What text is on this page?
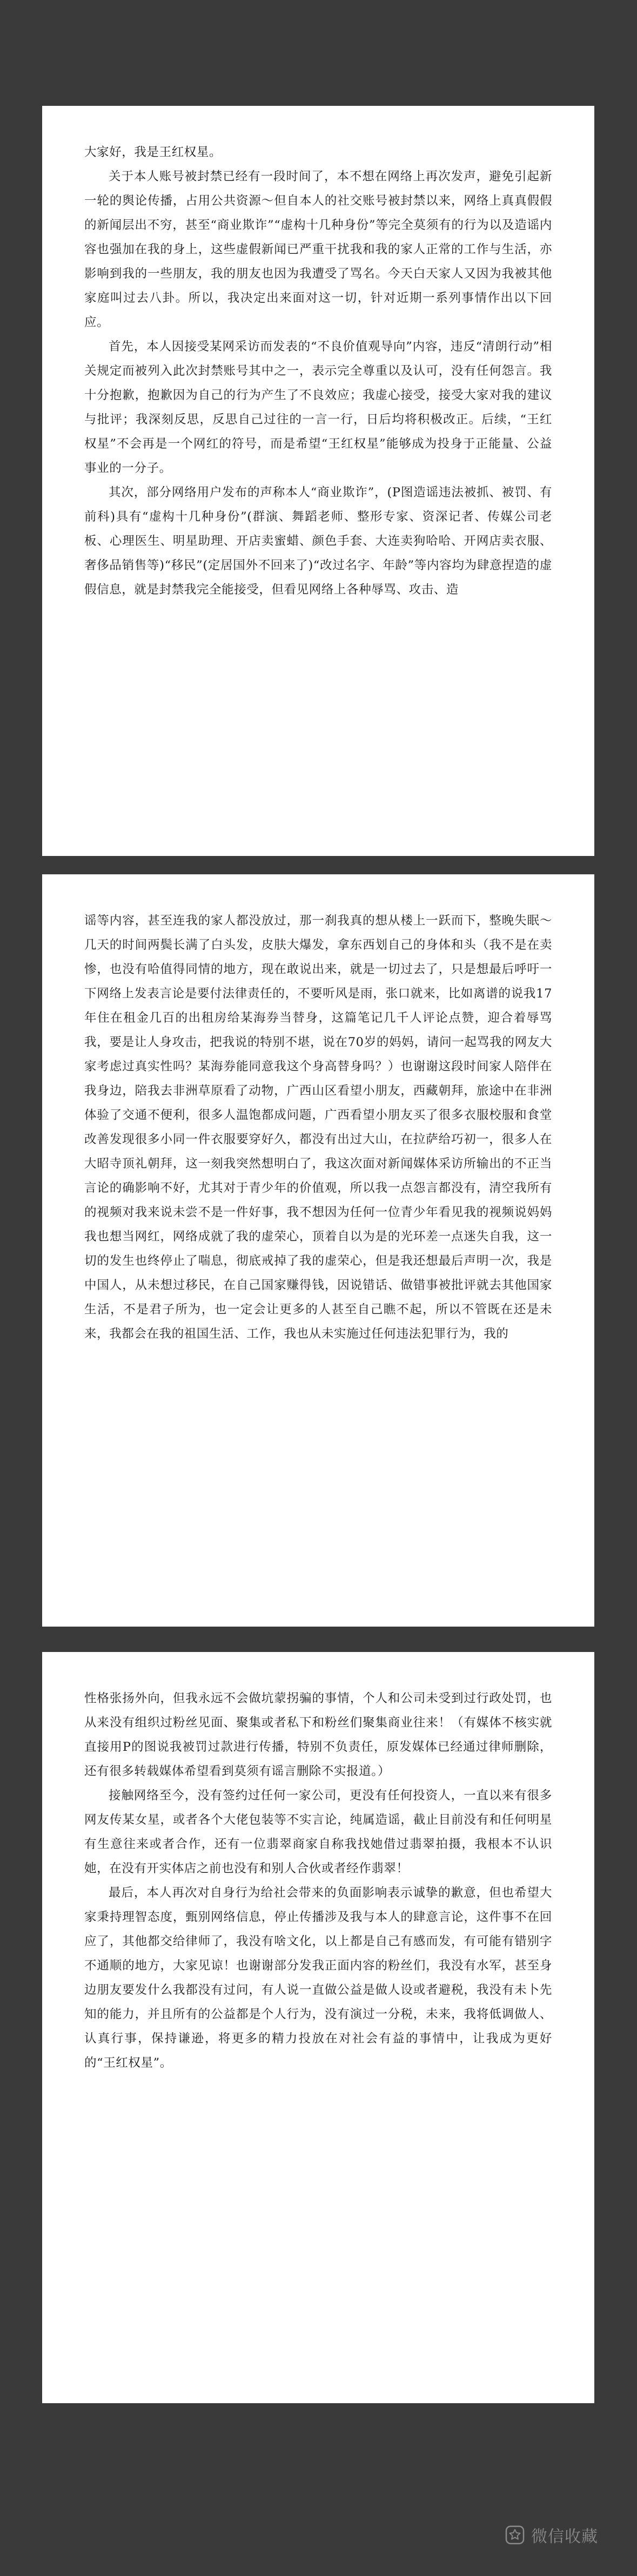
大家好，我是王红权星。

关于本人账号被封禁已经有一段时间了，本不想在网络上再次发声，避免引起新一轮的舆论传播，占用公共资源～但自本人的社交账号被封禁以来，网络上真真假假的新闻层出不穷，甚至“商业欺诈”“虚构十几种身份”等完全莫须有的行为以及造谣内容也强加在我的身上，这些虚假新闻已严重干扰我和我的家人正常的工作与生活，亦影响到我的一些朋友，我的朋友也因为我遭受了骂名。今天白天家人又因为我被其他家庭叫过去八卦。所以，我决定出来面对这一切，针对近期一系列事情作出以下回应。

首先，本人因接受某网采访而发表的“不良价值观导向”内容，违反“清朗行动”相关规定而被列入此次封禁账号其中之一，表示完全尊重以及认可，没有任何怨言。我十分抱歉，抱歉因为自己的行为产生了不良效应；我虚心接受，接受大家对我的建议与批评；我深刻反思，反思自己过往的一言一行，日后均将积极改正。后续，“王红权星”不会再是一个网红的符号，而是希望“王红权星”能够成为投身于正能量、公益事业的一分子。

其次，部分网络用户发布的声称本人“商业欺诈”，(P图造谣违法被抓、被罚、有前科)具有“虚构十几种身份”(群演、舞蹈老师、整形专家、资深记者、传媒公司老板、心理医生、明星助理、开店卖蜜蜡、颜色手套、大连卖狗哈哈、开网店卖衣服、奢侈品销售等)“移民”(定居国外不回来了)“改过名字、年龄”等内容均为肆意捏造的虚假信息，就是封禁我完全能接受，但看见网络上各种辱骂、攻击、造

谣等内容，甚至连我的家人都没放过，那一刹我真的想从楼上一跃而下，整晚失眠～几天的时间两鬓长满了白头发，皮肤大爆发，拿东西划自己的身体和头（我不是在卖惨，也没有哈值得同情的地方，现在敢说出来，就是一切过去了，只是想最后呼吁一下网络上发表言论是要付法律责任的，不要听风是雨，张口就来，比如离谱的说我17年住在租金几百的出租房给某海券当替身，这篇笔记几千人评论点赞，迎合着辱骂我，要是让人身攻击，把我说的特别不堪，说在70岁的妈妈，请问一起骂我的网友大家考虑过真实性吗？某海券能同意我这个身高替身吗？）也谢谢这段时间家人陪伴在我身边，陪我去非洲草原看了动物，广西山区看望小朋友，西藏朝拜，旅途中在非洲体验了交通不便利，很多人温饱都成问题，广西看望小朋友买了很多衣服校服和食堂改善发现很多小同一件衣服要穿好久，都没有出过大山，在拉萨给巧初一，很多人在大昭寺顶礼朝拜，这一刻我突然想明白了，我这次面对新闻媒体采访所输出的不正当言论的确影响不好，尤其对于青少年的价值观，所以我一点怨言都没有，清空我所有的视频对我来说未尝不是一件好事，我不想因为任何一位青少年看见我的视频说妈妈我也想当网红，网络成就了我的虚荣心，顶着自以为是的光环差一点迷失自我，这一切的发生也终停止了喘息，彻底戒掉了我的虚荣心，但是我还想最后声明一次，我是中国人，从未想过移民，在自己国家赚得钱，因说错话、做错事被批评就去其他国家生活，不是君子所为，也一定会让更多的人甚至自己瞧不起，所以不管既在还是未来，我都会在我的祖国生活、工作，我也从未实施过任何违法犯罪行为，我的

性格张扬外向，但我永远不会做坑蒙拐骗的事情，个人和公司未受到过行政处罚，也从来没有组织过粉丝见面、聚集或者私下和粉丝们聚集商业往来！（有媒体不核实就直接用P的图说我被罚过款进行传播，特别不负责任，原发媒体已经通过律师删除，还有很多转载媒体希望看到莫须有谣言删除不实报道。）

接触网络至今，没有签约过任何一家公司，更没有任何投资人，一直以来有很多网友传某女星，或者各个大佬包装等不实言论，纯属造谣，截止目前没有和任何明星有生意往来或者合作，还有一位翡翠商家自称我找她借过翡翠拍摄，我根本不认识她，在没有开实体店之前也没有和别人合伙或者经作翡翠！

最后，本人再次对自身行为给社会带来的负面影响表示诚挚的歉意，但也希望大家秉持理智态度，甄别网络信息，停止传播涉及我与本人的肆意言论，这件事不在回应了，其他都交给律师了，我没有啥文化，以上都是自己有感而发，有可能有错别字不通顺的地方，大家见谅！也谢谢部分发我正面内容的粉丝们，我没有水军，甚至身边朋友要发什么我都没有过问，有人说一直做公益是做人设或者避税，我没有未卜先知的能力，并且所有的公益都是个人行为，没有演过一分税，未来，我将低调做人、认真行事，保持谦逊，将更多的精力投放在对社会有益的事情中，让我成为更好的“王红权星”。

微信收藏
